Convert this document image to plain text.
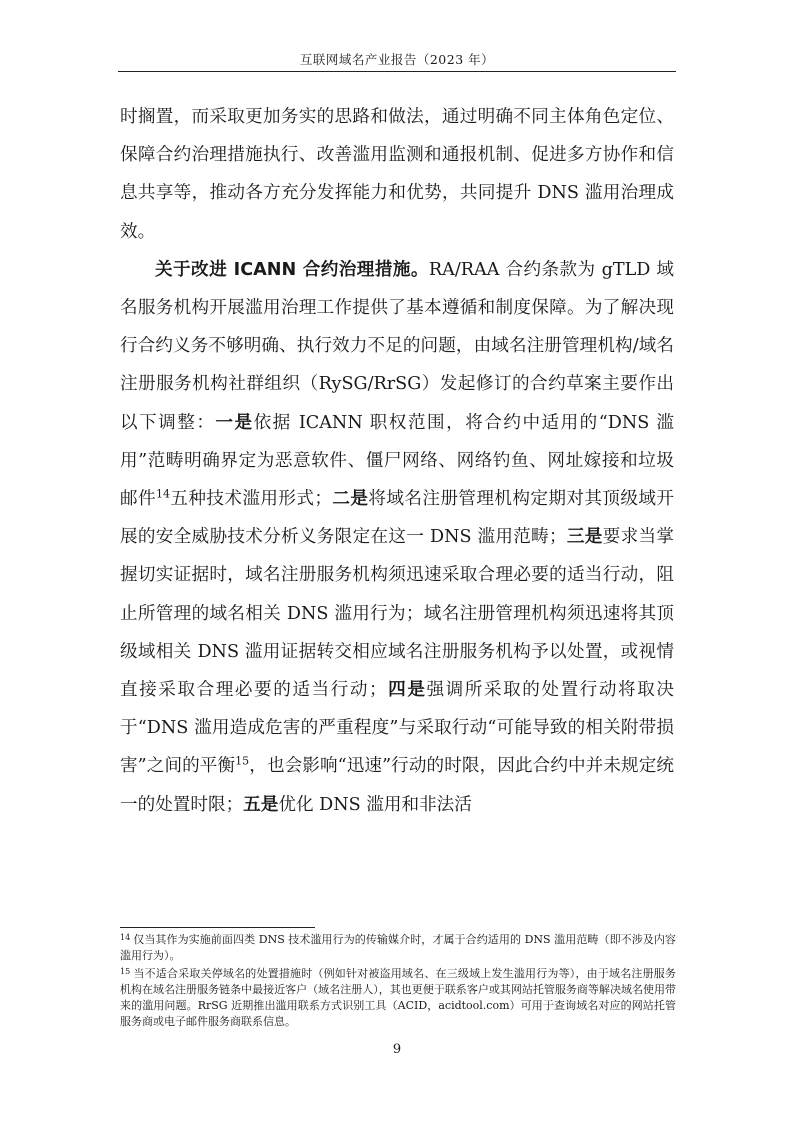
互联网域名产业报告（2023 年）

时搁置，而采取更加务实的思路和做法，通过明确不同主体角色定位、保障合约治理措施执行、改善滥用监测和通报机制、促进多方协作和信息共享等，推动各方充分发挥能力和优势，共同提升 DNS 滥用治理成效。

关于改进 ICANN 合约治理措施。RA/RAA 合约条款为 gTLD 域名服务机构开展滥用治理工作提供了基本遵循和制度保障。为了解决现行合约义务不够明确、执行效力不足的问题，由域名注册管理机构/域名注册服务机构社群组织（RySG/RrSG）发起修订的合约草案主要作出以下调整：一是依据 ICANN 职权范围，将合约中适用的“DNS 滥用”范畴明确界定为恶意软件、僵尸网络、网络钓鱼、网址嫁接和垃圾邮件$^{14}$五种技术滥用形式；二是将域名注册管理机构定期对其顶级域开展的安全威胁技术分析义务限定在这一 DNS 滥用范畴；三是要求当掌握切实证据时，域名注册服务机构须迅速采取合理必要的适当行动，阻止所管理的域名相关 DNS 滥用行为；域名注册管理机构须迅速将其顶级域相关 DNS 滥用证据转交相应域名注册服务机构予以处置，或视情直接采取合理必要的适当行动；四是强调所采取的处置行动将取决于“DNS 滥用造成危害的严重程度”与采取行动“可能导致的相关附带损害”之间的平衡$^{15}$，也会影响“迅速”行动的时限，因此合约中并未规定统一的处置时限；五是优化 DNS 滥用和非法活

$^{14}$ 仅当其作为实施前面四类 DNS 技术滥用行为的传输媒介时，才属于合约适用的 DNS 滥用范畴（即不涉及内容滥用行为）。

$^{15}$ 当不适合采取关停域名的处置措施时（例如针对被盗用域名、在三级域上发生滥用行为等），由于域名注册服务机构在域名注册服务链条中最接近客户（域名注册人），其也更便于联系客户或其网站托管服务商等解决域名使用带来的滥用问题。RrSG 近期推出滥用联系方式识别工具（ACID，acidtool.com）可用于查询域名对应的网站托管服务商或电子邮件服务商联系信息。

9
